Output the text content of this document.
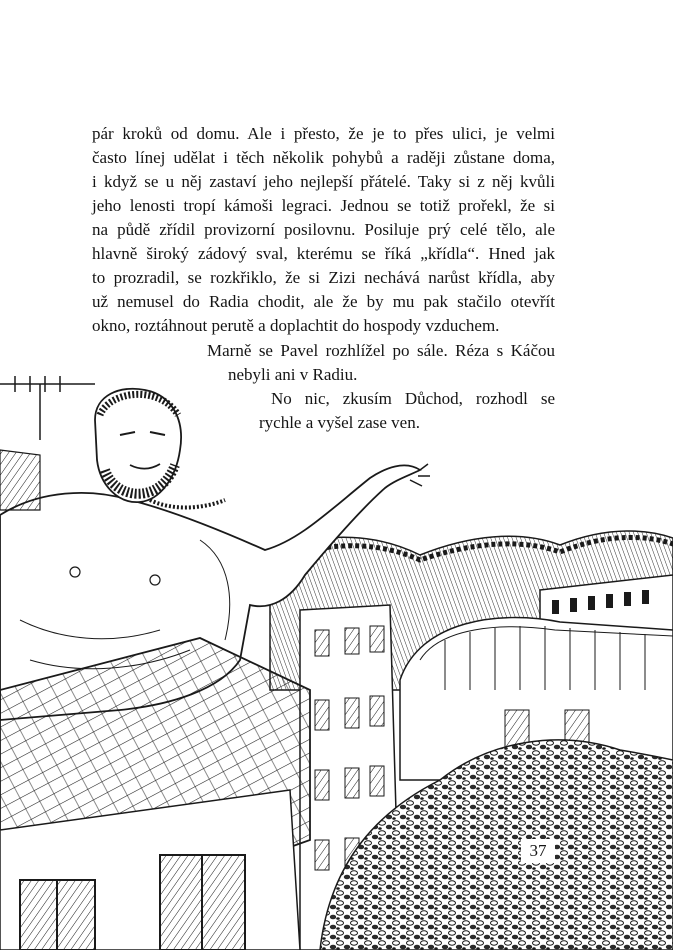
pár kroků od domu. Ale i přesto, že je to přes ulici, je velmi
často línej udělat i těch několik pohybů a raději zůstane doma,
i když se u něj zastaví jeho nejlepší přátelé. Taky si z něj kvůli
jeho lenosti tropí kámoši legraci. Jednou se totiž prořekl, že si
na půdě zřídil provizorní posilovnu. Posiluje prý celé tělo, ale
hlavně široký zádový sval, kterému se říká „křídla“. Hned jak
to prozradil, se rozkřiklo, že si Zizi nechává narůst křídla, aby
už nemusel do Radia chodit, ale že by mu pak stačilo otevřít
okno, roztáhnout perutě a doplachtit do hospody vzduchem.
Marně se Pavel rozhlížel po sále. Réza s Káčou
nebyli ani v Radiu.
No nic, zkusím Důchod, rozhodl se
rychle a vyšel zase ven.
37
